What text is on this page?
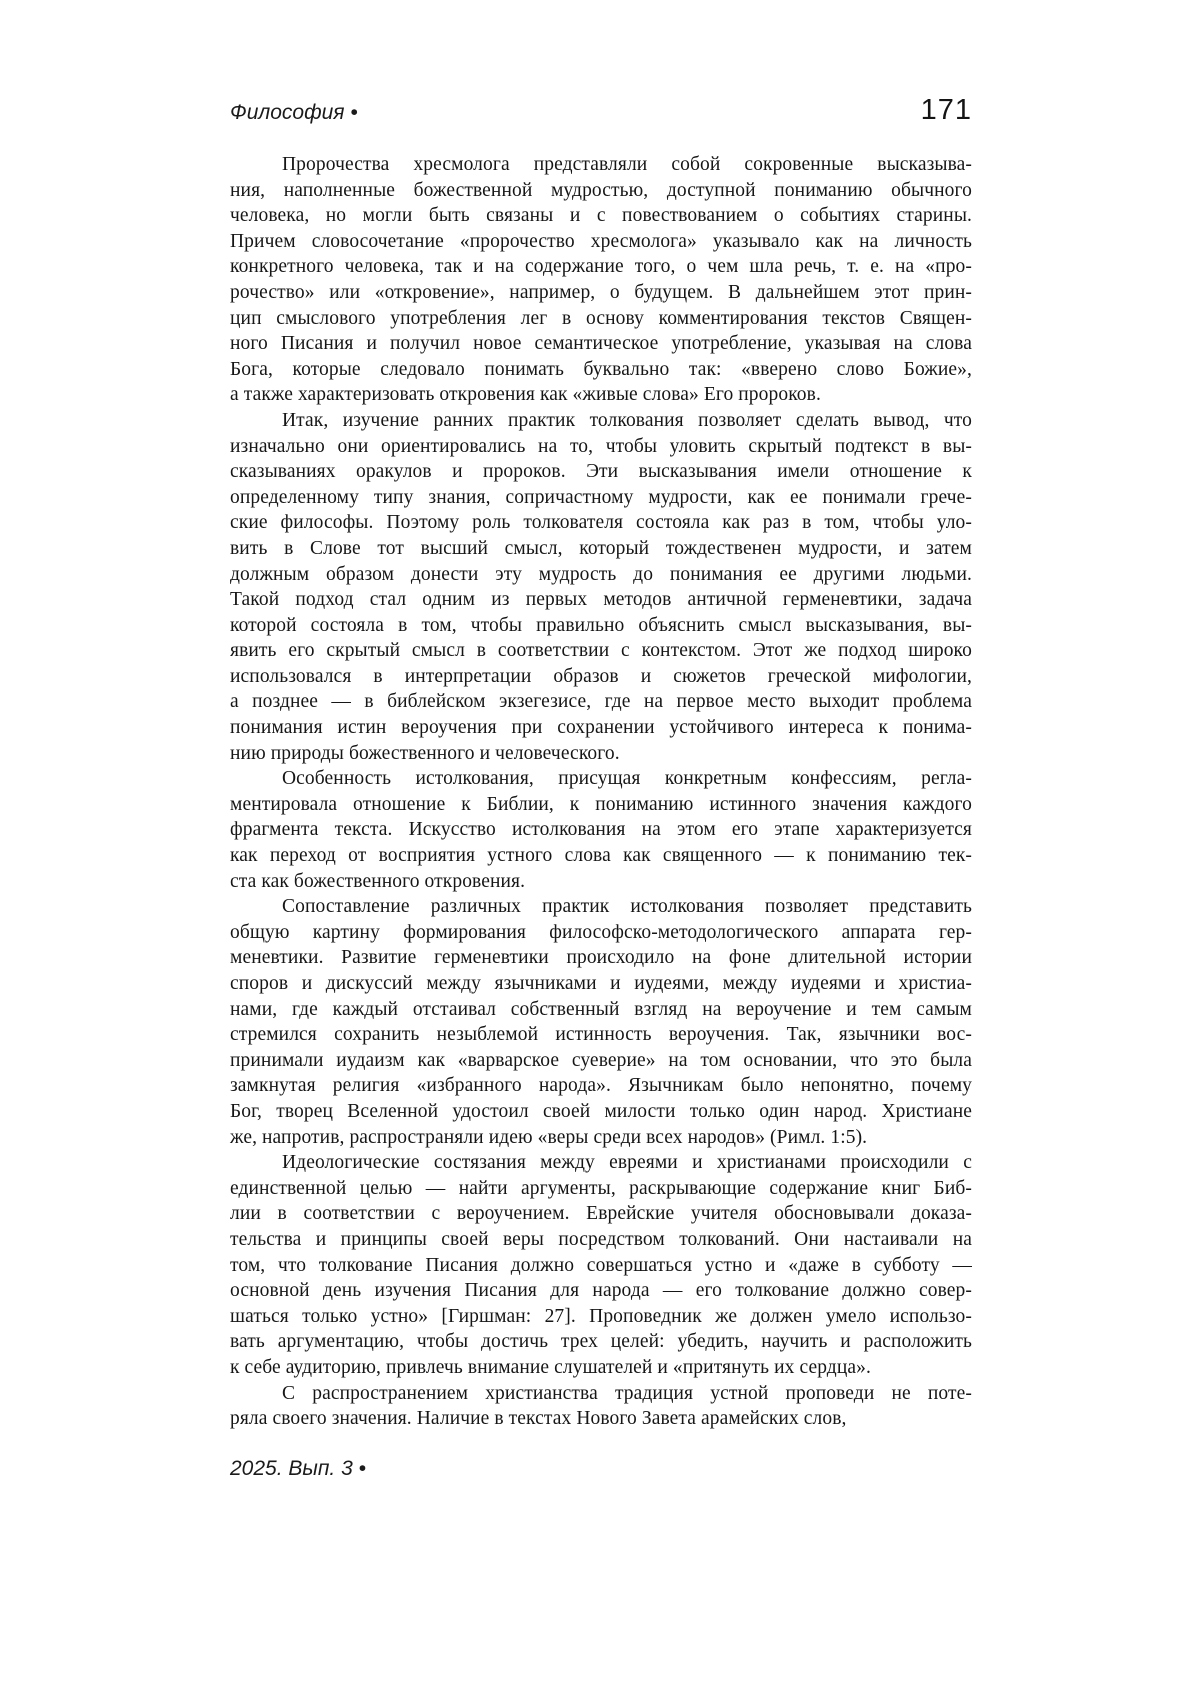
Философия •	171
Пророчества хресмолога представляли собой сокровенные высказыва-
ния, наполненные божественной мудростью, доступной пониманию обычного
человека, но могли быть связаны и с повествованием о событиях старины.
Причем словосочетание «пророчество хресмолога» указывало как на личность
конкретного человека, так и на содержание того, о чем шла речь, т. е. на «про-
рочество» или «откровение», например, о будущем. В дальнейшем этот прин-
цип смыслового употребления лег в основу комментирования текстов Священ-
ного Писания и получил новое семантическое употребление, указывая на слова
Бога, которые следовало понимать буквально так: «вверено слово Божие»,
а также характеризовать откровения как «живые слова» Его пророков.
Итак, изучение ранних практик толкования позволяет сделать вывод, что
изначально они ориентировались на то, чтобы уловить скрытый подтекст в вы-
сказываниях оракулов и пророков. Эти высказывания имели отношение к
определенному типу знания, сопричастному мудрости, как ее понимали грече-
ские философы. Поэтому роль толкователя состояла как раз в том, чтобы уло-
вить в Слове тот высший смысл, который тождественен мудрости, и затем
должным образом донести эту мудрость до понимания ее другими людьми.
Такой подход стал одним из первых методов античной герменевтики, задача
которой состояла в том, чтобы правильно объяснить смысл высказывания, вы-
явить его скрытый смысл в соответствии с контекстом. Этот же подход широко
использовался в интерпретации образов и сюжетов греческой мифологии,
а позднее — в библейском экзегезисе, где на первое место выходит проблема
понимания истин вероучения при сохранении устойчивого интереса к понима-
нию природы божественного и человеческого.
Особенность истолкования, присущая конкретным конфессиям, регла-
ментировала отношение к Библии, к пониманию истинного значения каждого
фрагмента текста. Искусство истолкования на этом его этапе характеризуется
как переход от восприятия устного слова как священного — к пониманию тек-
ста как божественного откровения.
Сопоставление различных практик истолкования позволяет представить
общую картину формирования философско-методологического аппарата гер-
меневтики. Развитие герменевтики происходило на фоне длительной истории
споров и дискуссий между язычниками и иудеями, между иудеями и христиа-
нами, где каждый отстаивал собственный взгляд на вероучение и тем самым
стремился сохранить незыблемой истинность вероучения. Так, язычники вос-
принимали иудаизм как «варварское суеверие» на том основании, что это была
замкнутая религия «избранного народа». Язычникам было непонятно, почему
Бог, творец Вселенной удостоил своей милости только один народ. Христиане
же, напротив, распространяли идею «веры среди всех народов» (Римл. 1:5).
Идеологические состязания между евреями и христианами происходили с
единственной целью — найти аргументы, раскрывающие содержание книг Биб-
лии в соответствии с вероучением. Еврейские учителя обосновывали доказа-
тельства и принципы своей веры посредством толкований. Они настаивали на
том, что толкование Писания должно совершаться устно и «даже в субботу —
основной день изучения Писания для народа — его толкование должно совер-
шаться только устно» [Гиршман: 27]. Проповедник же должен умело использо-
вать аргументацию, чтобы достичь трех целей: убедить, научить и расположить
к себе аудиторию, привлечь внимание слушателей и «притянуть их сердца».
С распространением христианства традиция устной проповеди не поте-
ряла своего значения. Наличие в текстах Нового Завета арамейских слов,
2025. Вып. 3 •
